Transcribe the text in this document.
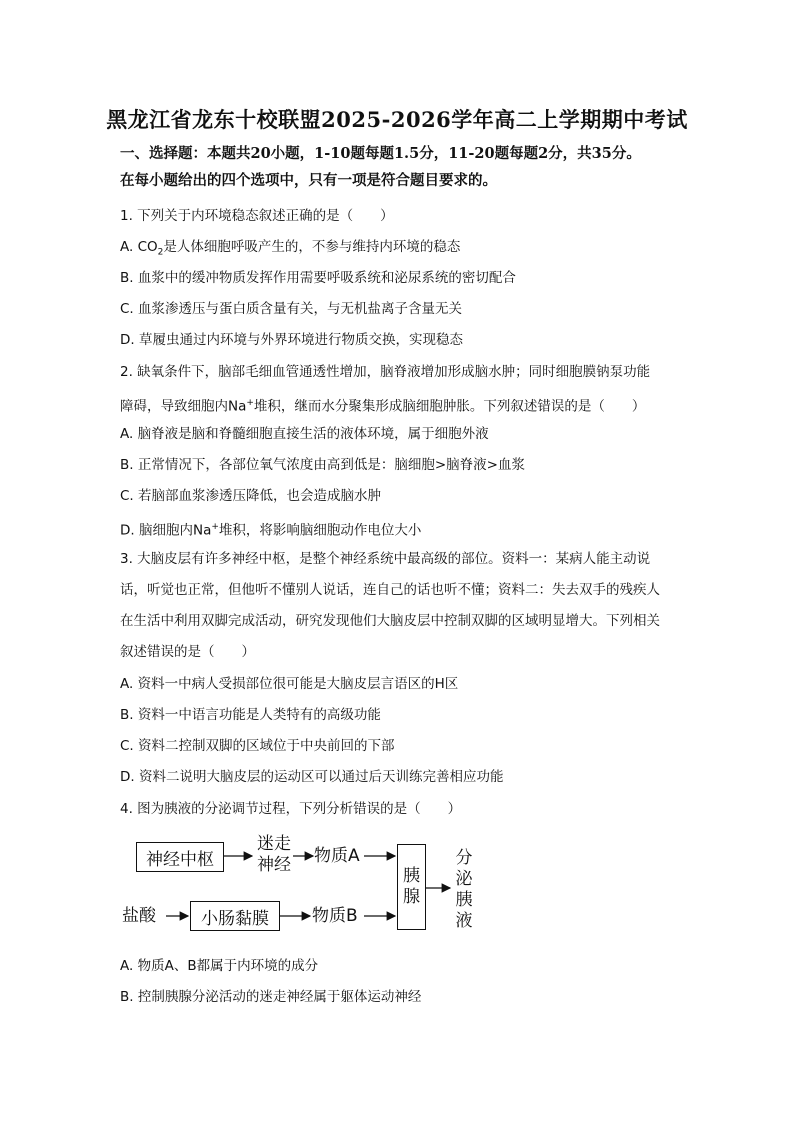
黑龙江省龙东十校联盟2025-2026学年高二上学期期中考试
一、选择题：本题共20小题，1-10题每题1.5分，11-20题每题2分，共35分。
在每小题给出的四个选项中，只有一项是符合题目要求的。
1. 下列关于内环境稳态叙述正确的是（　　）
A. $CO_2$是人体细胞呼吸产生的，不参与维持内环境的稳态
B. 血浆中的缓冲物质发挥作用需要呼吸系统和泌尿系统的密切配合
C. 血浆渗透压与蛋白质含量有关，与无机盐离子含量无关
D. 草履虫通过内环境与外界环境进行物质交换，实现稳态
2. 缺氧条件下，脑部毛细血管通透性增加，脑脊液增加形成脑水肿；同时细胞膜钠泵功能
障碍，导致细胞内Na+堆积，继而水分聚集形成脑细胞肿胀。下列叙述错误的是（　　）
A. 脑脊液是脑和脊髓细胞直接生活的液体环境，属于细胞外液
B. 正常情况下，各部位氧气浓度由高到低是：脑细胞>脑脊液>血浆
C. 若脑部血浆渗透压降低，也会造成脑水肿
D. 脑细胞内Na+堆积，将影响脑细胞动作电位大小
3. 大脑皮层有许多神经中枢，是整个神经系统中最高级的部位。资料一：某病人能主动说
话，听觉也正常，但他听不懂别人说话，连自己的话也听不懂；资料二：失去双手的残疾人
在生活中利用双脚完成活动，研究发现他们大脑皮层中控制双脚的区域明显增大。下列相关
叙述错误的是（　　）
A. 资料一中病人受损部位很可能是大脑皮层言语区的H区
B. 资料一中语言功能是人类特有的高级功能
C. 资料二控制双脚的区域位于中央前回的下部
D. 资料二说明大脑皮层的运动区可以通过后天训练完善相应功能
4. 图为胰液的分泌调节过程，下列分析错误的是（　　）
神经中枢
迷走神经 物质A
盐酸	小肠黏膜	物质B
胰腺
分泌胰液
A. 物质A、B都属于内环境的成分
B. 控制胰腺分泌活动的迷走神经属于躯体运动神经
